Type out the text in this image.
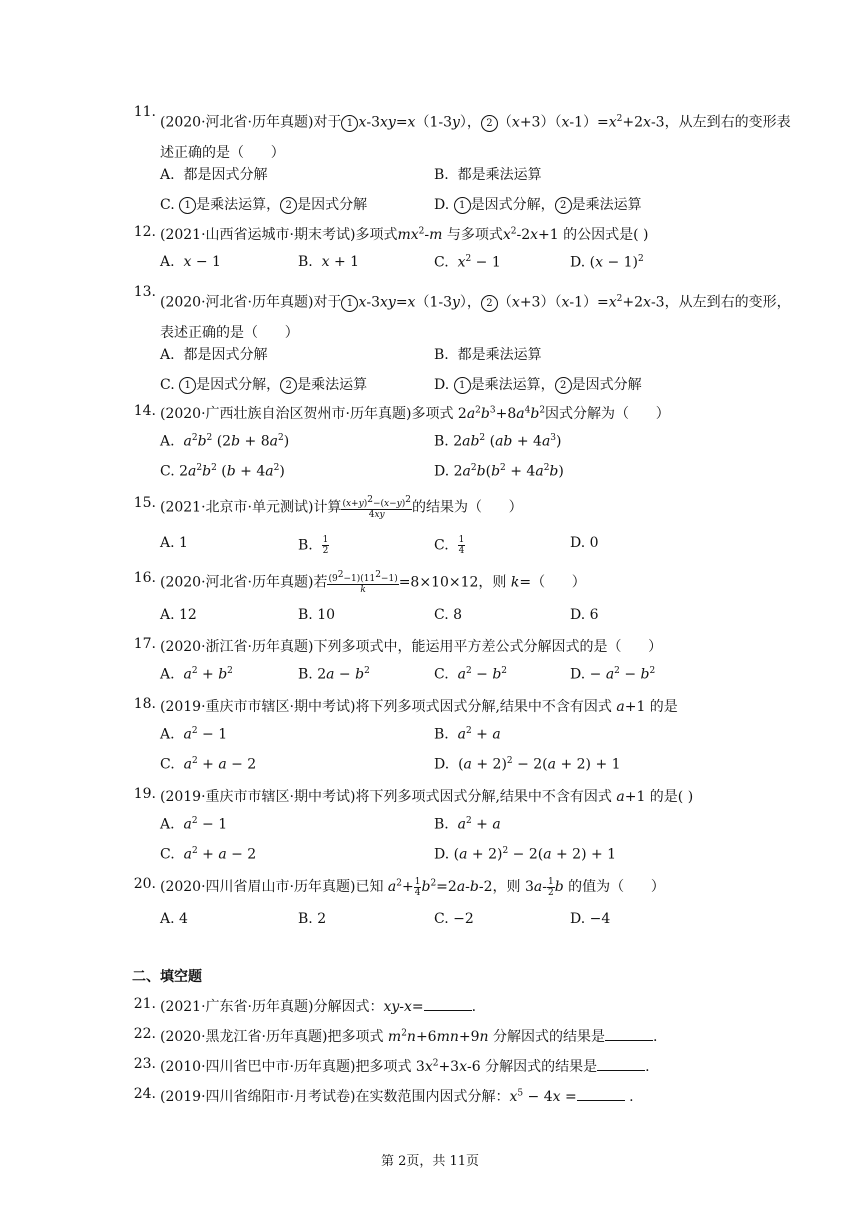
11.
(2020·河北省·历年真题)对于 1 x-3xy=x（1-3y）， 2 $(x+3)(x-1)=x^2+2x-3$，从左到右的变形表述正确的是（      ）
A.  都是因式分解	B.  都是乘法运算
C. 1 是乘法运算， 2 是因式分解	D. 1 是因式分解， 2 是乘法运算
12. (2021·山西省运城市·期末考试)多项式$mx^2-m$ 与多项式$x^2-2x+1$ 的公因式是( )
A.  x − 1	B.  x + 1	C.  $x^2 - 1$	D. $(x - 1)^2$
13.
(2020·河北省·历年真题)对于 1 x-3xy=x（1-3y）， 2 $(x+3)(x-1)=x^2+2x-3$，从左到右的变形，表述正确的是（      ）
A.  都是因式分解	B.  都是乘法运算
C. 1 是因式分解， 2 是乘法运算	D. 1 是乘法运算， 2 是因式分解
14. (2020·广西壮族自治区贺州市·历年真题)多项式 $2a^2b^3+8a^4b^2$因式分解为（      ）
A.  $a^2b^2$ $(2b + 8a^2)$	B. $2ab^2$ $(ab + 4a^3)$
C. $2a^2b^2$ $(b + 4a^2)$	D. $2a^2b(b^2 + 4a^2b)$
15. (2021·北京市·单元测试)计算 $\frac{(x+y)^2-(x-y)^2}{4xy}$ 的结果为（      ）
A. 1	B. $\frac{1}{2}$	C. $\frac{1}{4}$	D. 0
16. (2020·河北省·历年真题)若 $\frac{(9^2-1)(11^2-1)}{k} =8\times 10\times 12$，则 k=（      ）
A. 12	B. 10	C. 8	D. 6
17. (2020·浙江省·历年真题)下列多项式中，能运用平方差公式分解因式的是（      ）
A.  $a^2 + b^2$	B. $2a - b^2$	C.  $a^2 - b^2$	D. − $a^2 - b^2$
18. (2019·重庆市市辖区·期中考试)将下列多项式因式分解,结果中不含有因式 a+1 的是
A.  $a^2 - 1$	B.  $a^2 + a$
C.  $a^2 + a - 2$	D.  $(a + 2)^2 - 2(a + 2) + 1$
19. (2019·重庆市市辖区·期中考试)将下列多项式因式分解,结果中不含有因式 a+1 的是( )
A.  $a^2 - 1$	B.  $a^2 + a$
C.  $a^2 + a - 2$	D. $(a + 2)^2 - 2(a + 2) + 1$
20. (2020·四川省眉山市·历年真题)已知 $a^2+ \frac{1}{4} b^2=2a-b-2$，则 $3a- \frac{1}{2}$ b 的值为（      ）
A. 4	B. 2	C. −2	D. −4
二、填空题
21. (2021·广东省·历年真题)分解因式：xy-x=	.
22. (2020·黑龙江省·历年真题)把多项式 $m^2n+6mn+9n$ 分解因式的结果是	.
23. (2010·四川省巴中市·历年真题)把多项式 $3x^2+3x-6$ 分解因式的结果是	.
24. (2019·四川省绵阳市·月考试卷)在实数范围内因式分解：$x^5 - 4x$ =	.
第 2页，共 11页
